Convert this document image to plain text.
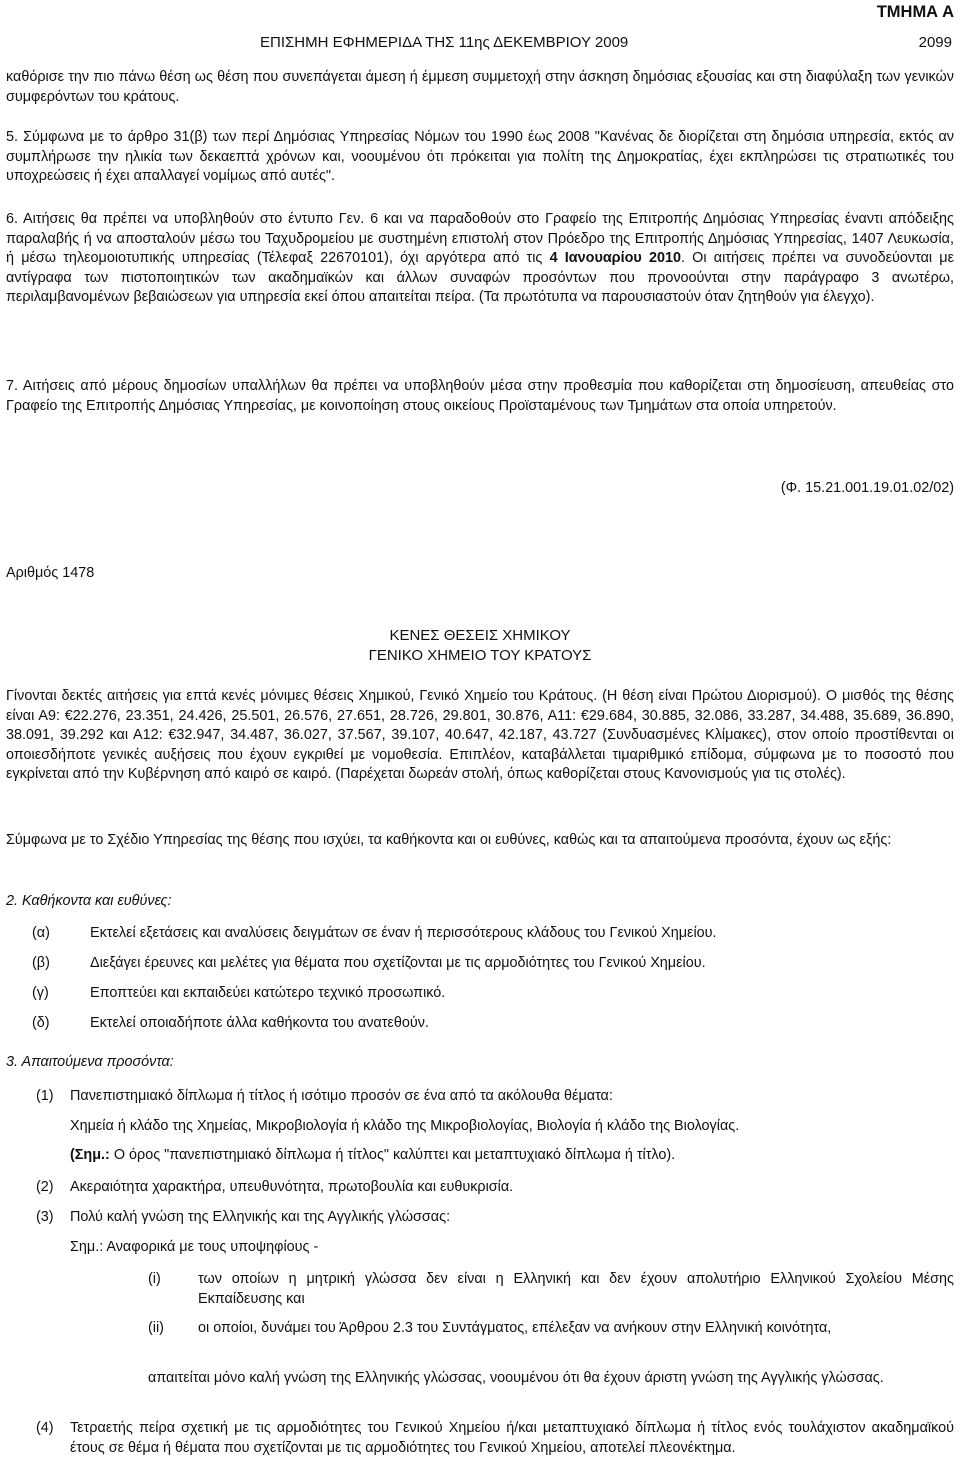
ΤΜΗΜΑ Α
ΕΠΙΣΗΜΗ ΕΦΗΜΕΡΙΔΑ ΤΗΣ 11ης ΔΕΚΕΜΒΡΙΟΥ 2009	2099

καθόρισε την πιο πάνω θέση ως θέση που συνεπάγεται άμεση ή έμμεση συμμετοχή στην άσκηση δημόσιας εξουσίας και στη διαφύλαξη των γενικών συμφερόντων του κράτους.

5. Σύμφωνα με το άρθρο 31(β) των περί Δημόσιας Υπηρεσίας Νόμων του 1990 έως 2008 "Κανένας δε διορίζεται στη δημόσια υπηρεσία, εκτός αν συμπλήρωσε την ηλικία των δεκαεπτά χρόνων και, νοουμένου ότι πρόκειται για πολίτη της Δημοκρατίας, έχει εκπληρώσει τις στρατιωτικές του υποχρεώσεις ή έχει απαλλαγεί νομίμως από αυτές".

6. Αιτήσεις θα πρέπει να υποβληθούν στο έντυπο Γεν. 6 και να παραδοθούν στο Γραφείο της Επιτροπής Δημόσιας Υπηρεσίας έναντι απόδειξης παραλαβής ή να αποσταλούν μέσω του Ταχυδρομείου με συστημένη επιστολή στον Πρόεδρο της Επιτροπής Δημόσιας Υπηρεσίας, 1407 Λευκωσία, ή μέσω τηλεομοιοτυπικής υπηρεσίας (Τέλεφαξ 22670101), όχι αργότερα από τις 4 Ιανουαρίου 2010. Οι αιτήσεις πρέπει να συνοδεύονται με αντίγραφα των πιστοποιητικών των ακαδημαϊκών και άλλων συναφών προσόντων που προνοούνται στην παράγραφο 3 ανωτέρω, περιλαμβανομένων βεβαιώσεων για υπηρεσία εκεί όπου απαιτείται πείρα. (Τα πρωτότυπα να παρουσιαστούν όταν ζητηθούν για έλεγχο).

7. Αιτήσεις από μέρους δημοσίων υπαλλήλων θα πρέπει να υποβληθούν μέσα στην προθεσμία που καθορίζεται στη δημοσίευση, απευθείας στο Γραφείο της Επιτροπής Δημόσιας Υπηρεσίας, με κοινοποίηση στους οικείους Προϊσταμένους των Τμημάτων στα οποία υπηρετούν.

(Φ. 15.21.001.19.01.02/02)
Αριθμός 1478
ΚΕΝΕΣ ΘΕΣΕΙΣ ΧΗΜΙΚΟΥ
ΓΕΝΙΚΟ ΧΗΜΕΙΟ ΤΟΥ ΚΡΑΤΟΥΣ

Γίνονται δεκτές αιτήσεις για επτά κενές μόνιμες θέσεις Χημικού, Γενικό Χημείο του Κράτους. (Η θέση είναι Πρώτου Διορισμού). Ο μισθός της θέσης είναι Α9: €22.276, 23.351, 24.426, 25.501, 26.576, 27.651, 28.726, 29.801, 30.876, Α11: €29.684, 30.885, 32.086, 33.287, 34.488, 35.689, 36.890, 38.091, 39.292 και Α12: €32.947, 34.487, 36.027, 37.567, 39.107, 40.647, 42.187, 43.727 (Συνδυασμένες Κλίμακες), στον οποίο προστίθενται οι οποιεσδήποτε γενικές αυξήσεις που έχουν εγκριθεί με νομοθεσία. Επιπλέον, καταβάλλεται τιμαριθμικό επίδομα, σύμφωνα με το ποσοστό που εγκρίνεται από την Κυβέρνηση από καιρό σε καιρό. (Παρέχεται δωρεάν στολή, όπως καθορίζεται στους Κανονισμούς για τις στολές).

Σύμφωνα με το Σχέδιο Υπηρεσίας της θέσης που ισχύει, τα καθήκοντα και οι ευθύνες, καθώς και τα απαιτούμενα προσόντα, έχουν ως εξής:

2. Καθήκοντα και ευθύνες:
(α)	Εκτελεί εξετάσεις και αναλύσεις δειγμάτων σε έναν ή περισσότερους κλάδους του Γενικού Χημείου.
(β)	Διεξάγει έρευνες και μελέτες για θέματα που σχετίζονται με τις αρμοδιότητες του Γενικού Χημείου.
(γ)	Εποπτεύει και εκπαιδεύει κατώτερο τεχνικό προσωπικό.
(δ)	Εκτελεί οποιαδήποτε άλλα καθήκοντα του ανατεθούν.
3. Απαιτούμενα προσόντα:
(1) Πανεπιστημιακό δίπλωμα ή τίτλος ή ισότιμο προσόν σε ένα από τα ακόλουθα θέματα:
Χημεία ή κλάδο της Χημείας, Μικροβιολογία ή κλάδο της Μικροβιολογίας, Βιολογία ή κλάδο της Βιολογίας.
(Σημ.: Ο όρος "πανεπιστημιακό δίπλωμα ή τίτλος" καλύπτει και μεταπτυχιακό δίπλωμα ή τίτλο).
(2) Ακεραιότητα χαρακτήρα, υπευθυνότητα, πρωτοβουλία και ευθυκρισία.
(3) Πολύ καλή γνώση της Ελληνικής και της Αγγλικής γλώσσας:
Σημ.: Αναφορικά με τους υποψηφίους -
(i)	των οποίων η μητρική γλώσσα δεν είναι η Ελληνική και δεν έχουν απολυτήριο Ελληνικού Σχολείου Μέσης Εκπαίδευσης και

(ii) οι οποίοι, δυνάμει του Άρθρου 2.3 του Συντάγματος, επέλεξαν να ανήκουν στην Ελληνική κοινότητα,

απαιτείται μόνο καλή γνώση της Ελληνικής γλώσσας, νοουμένου ότι θα έχουν άριστη γνώση της Αγγλικής γλώσσας.

(4) Τετραετής πείρα σχετική με τις αρμοδιότητες του Γενικού Χημείου ή/και μεταπτυχιακό δίπλωμα ή τίτλος ενός τουλάχιστον ακαδημαϊκού έτους σε θέμα ή θέματα που σχετίζονται με τις αρμοδιότητες του Γενικού Χημείου, αποτελεί πλεονέκτημα.
